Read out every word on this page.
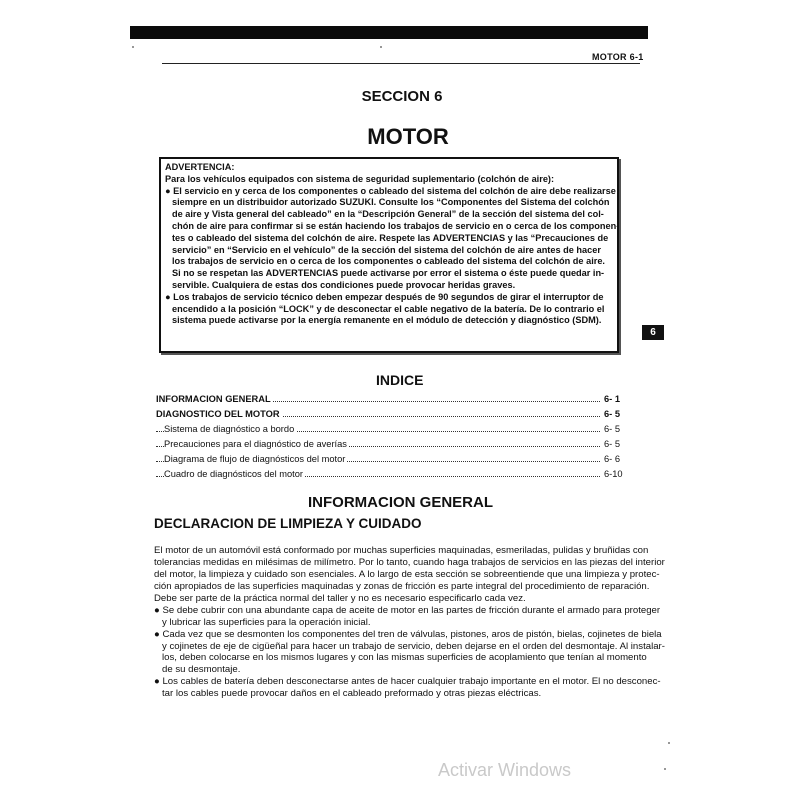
MOTOR 6-1
SECCION 6
MOTOR
ADVERTENCIA:
Para los vehículos equipados con sistema de seguridad suplementario (colchón de aire):
● El servicio en y cerca de los componentes o cableado del sistema del colchón de aire debe realizarse
siempre en un distribuidor autorizado SUZUKI. Consulte los “Componentes del Sistema del colchón
de aire y Vista general del cableado” en la “Descripción General” de la sección del sistema del col-
chón de aire para confirmar si se están haciendo los trabajos de servicio en o cerca de los componen-
tes o cableado del sistema del colchón de aire. Respete las ADVERTENCIAS y las “Precauciones de
servicio” en “Servicio en el vehículo” de la sección del sistema del colchón de aire antes de hacer
los trabajos de servicio en o cerca de los componentes o cableado del sistema del colchón de aire.
Si no se respetan las ADVERTENCIAS puede activarse por error el sistema o éste puede quedar in-
servible. Cualquiera de estas dos condiciones puede provocar heridas graves.
● Los trabajos de servicio técnico deben empezar después de 90 segundos de girar el interruptor de
encendido a la posición “LOCK” y de desconectar el cable negativo de la batería. De lo contrario el
sistema puede activarse por la energía remanente en el módulo de detección y diagnóstico (SDM).
6
INDICE
INFORMACION GENERAL	6- 1
DIAGNOSTICO DEL MOTOR	6- 5
Sistema de diagnóstico a bordo	6- 5
Precauciones para el diagnóstico de averías	6- 5
Diagrama de flujo de diagnósticos del motor	6- 6
Cuadro de diagnósticos del motor	6-10
INFORMACION GENERAL
DECLARACION DE LIMPIEZA Y CUIDADO
El motor de un automóvil está conformado por muchas superficies maquinadas, esmeriladas, pulidas y bruñidas con
tolerancias medidas en milésimas de milímetro. Por lo tanto, cuando haga trabajos de servicios en las piezas del interior
del motor, la limpieza y cuidado son esenciales. A lo largo de esta sección se sobreentiende que una limpieza y protec-
ción apropiados de las superficies maquinadas y zonas de fricción es parte integral del procedimiento de reparación.
Debe ser parte de la práctica normal del taller y no es necesario especificarlo cada vez.
● Se debe cubrir con una abundante capa de aceite de motor en las partes de fricción durante el armado para proteger
y lubricar las superficies para la operación inicial.
● Cada vez que se desmonten los componentes del tren de válvulas, pistones, aros de pistón, bielas, cojinetes de biela
y cojinetes de eje de cigüeñal para hacer un trabajo de servicio, deben dejarse en el orden del desmontaje. Al instalar-
los, deben colocarse en los mismos lugares y con las mismas superficies de acoplamiento que tenían al momento
de su desmontaje.
● Los cables de batería deben desconectarse antes de hacer cualquier trabajo importante en el motor. El no desconec-
tar los cables puede provocar daños en el cableado preformado y otras piezas eléctricas.
Activar Windows
